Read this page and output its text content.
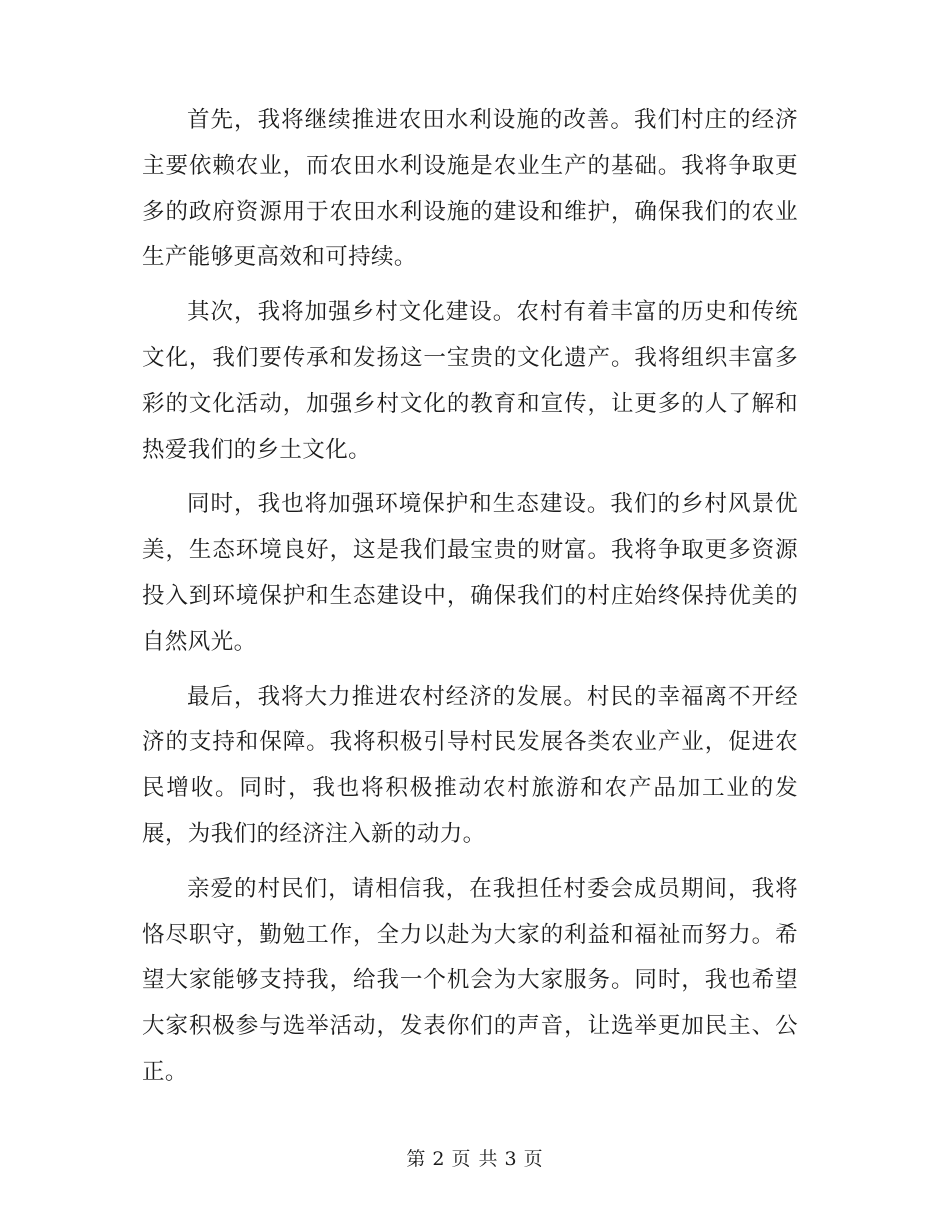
首先，我将继续推进农田水利设施的改善。我们村庄的经济主要依赖农业，而农田水利设施是农业生产的基础。我将争取更多的政府资源用于农田水利设施的建设和维护，确保我们的农业生产能够更高效和可持续。

其次，我将加强乡村文化建设。农村有着丰富的历史和传统文化，我们要传承和发扬这一宝贵的文化遗产。我将组织丰富多彩的文化活动，加强乡村文化的教育和宣传，让更多的人了解和热爱我们的乡土文化。

同时，我也将加强环境保护和生态建设。我们的乡村风景优美，生态环境良好，这是我们最宝贵的财富。我将争取更多资源投入到环境保护和生态建设中，确保我们的村庄始终保持优美的自然风光。

最后，我将大力推进农村经济的发展。村民的幸福离不开经济的支持和保障。我将积极引导村民发展各类农业产业，促进农民增收。同时，我也将积极推动农村旅游和农产品加工业的发展，为我们的经济注入新的动力。

亲爱的村民们，请相信我，在我担任村委会成员期间，我将恪尽职守，勤勉工作，全力以赴为大家的利益和福祉而努力。希望大家能够支持我，给我一个机会为大家服务。同时，我也希望大家积极参与选举活动，发表你们的声音，让选举更加民主、公正。

第 2 页 共 3 页
